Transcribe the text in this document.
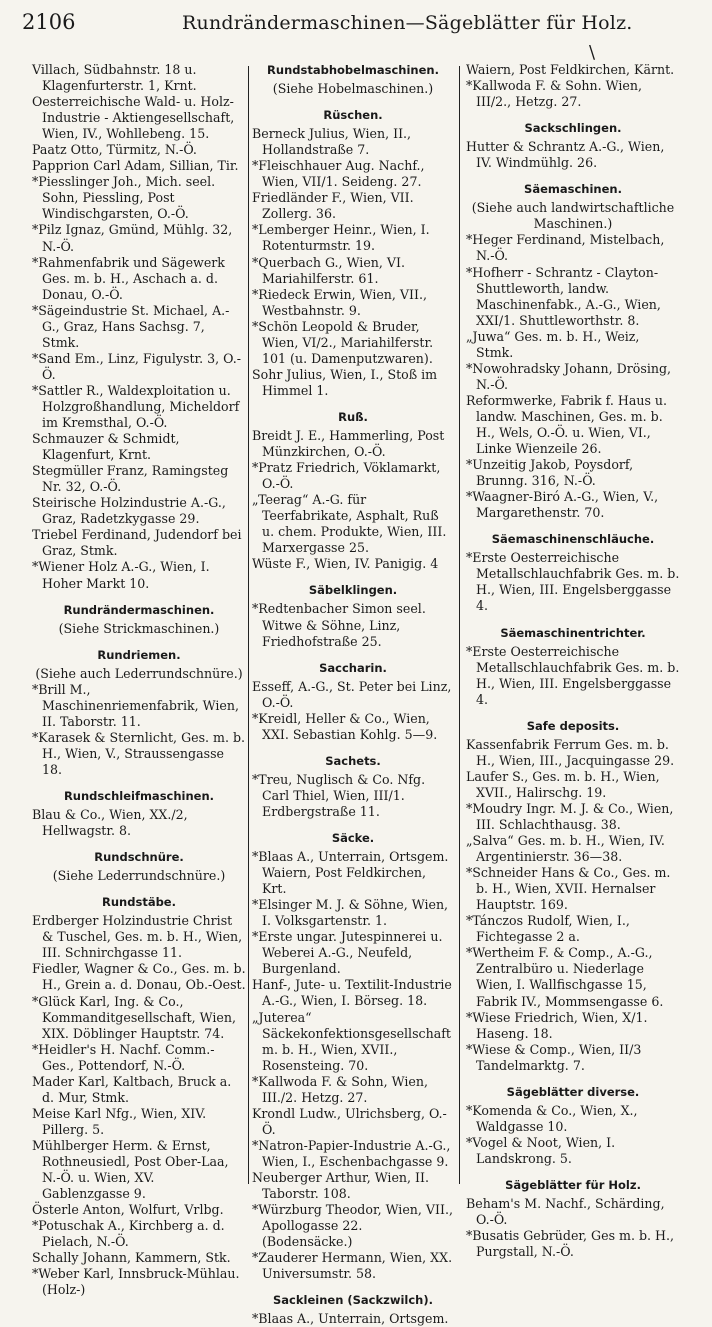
2106	Rundrändermaschinen—Sägeblätter für Holz.
\
Villach, Südbahnstr. 18 u. Klagenfurterstr. 1, Krnt.
Oesterreichische Wald- u. Holz-Industrie - Aktiengesellschaft, Wien, IV., Wohllebeng. 15.
Paatz Otto, Türmitz, N.-Ö.
Papprion Carl Adam, Sillian, Tir.
*Piesslinger Joh., Mich. seel. Sohn, Piessling, Post Windischgarsten, O.-Ö.
*Pilz Ignaz, Gmünd, Mühlg. 32, N.-Ö.
*Rahmenfabrik und Sägewerk Ges. m. b. H., Aschach a. d. Donau, O.-Ö.
*Sägeindustrie St. Michael, A.-G., Graz, Hans Sachsg. 7, Stmk.
*Sand Em., Linz, Figulystr. 3, O.-Ö.
*Sattler R., Waldexploitation u. Holzgroßhandlung, Micheldorf im Kremsthal, O.-Ö.
Schmauzer & Schmidt, Klagenfurt, Krnt.
Stegmüller Franz, Ramingsteg Nr. 32, O.-Ö.
Steirische Holzindustrie A.-G., Graz, Radetzkygasse 29.
Triebel Ferdinand, Judendorf bei Graz, Stmk.
*Wiener Holz A.-G., Wien, I. Hoher Markt 10.
Rundrändermaschinen.
(Siehe Strickmaschinen.)
Rundriemen.
(Siehe auch Lederrundschnüre.)
*Brill M., Maschinenriemenfabrik, Wien, II. Taborstr. 11.
*Karasek & Sternlicht, Ges. m. b. H., Wien, V., Straussengasse 18.
Rundschleifmaschinen.
Blau & Co., Wien, XX./2, Hellwagstr. 8.
Rundschnüre.
(Siehe Lederrundschnüre.)
Rundstäbe.
Erdberger Holzindustrie Christ & Tuschel, Ges. m. b. H., Wien, III. Schnirchgasse 11.
Fiedler, Wagner & Co., Ges. m. b. H., Grein a. d. Donau, Ob.-Oest.
*Glück Karl, Ing. & Co., Kommanditgesellschaft, Wien, XIX. Döblinger Hauptstr. 74.
*Heidler's H. Nachf. Comm.-Ges., Pottendorf, N.-Ö.
Mader Karl, Kaltbach, Bruck a. d. Mur, Stmk.
Meise Karl Nfg., Wien, XIV. Pillerg. 5.
Mühlberger Herm. & Ernst, Rothneusiedl, Post Ober-Laa, N.-Ö. u. Wien, XV. Gablenzgasse 9.
Österle Anton, Wolfurt, Vrlbg.
*Potuschak A., Kirchberg a. d. Pielach, N.-Ö.
Schally Johann, Kammern, Stk.
*Weber Karl, Innsbruck-Mühlau. (Holz-)
Rundstabhobelmaschinen.
(Siehe Hobelmaschinen.)
Rüschen.
Berneck Julius, Wien, II., Hollandstraße 7.
*Fleischhauer Aug. Nachf., Wien, VII/1. Seideng. 27.
Friedländer F., Wien, VII. Zollerg. 36.
*Lemberger Heinr., Wien, I. Rotenturmstr. 19.
*Querbach G., Wien, VI. Mariahilferstr. 61.
*Riedeck Erwin, Wien, VII., Westbahnstr. 9.
*Schön Leopold & Bruder, Wien, VI/2., Mariahilferstr. 101 (u. Damenputzwaren).
Sohr Julius, Wien, I., Stoß im Himmel 1.
Ruß.
Breidt J. E., Hammerling, Post Münzkirchen, O.-Ö.
*Pratz Friedrich, Vöklamarkt, O.-Ö.
„Teerag“ A.-G. für Teerfabrikate, Asphalt, Ruß u. chem. Produkte, Wien, III. Marxergasse 25.
Wüste F., Wien, IV. Panigig. 4
Säbelklingen.
*Redtenbacher Simon seel. Witwe & Söhne, Linz, Friedhofstraße 25.
Saccharin.
Esseff, A.-G., St. Peter bei Linz, O.-Ö.
*Kreidl, Heller & Co., Wien, XXI. Sebastian Kohlg. 5—9.
Sachets.
*Treu, Nuglisch & Co. Nfg. Carl Thiel, Wien, III/1. Erdbergstraße 11.
Säcke.
*Blaas A., Unterrain, Ortsgem. Waiern, Post Feldkirchen, Krt.
*Elsinger M. J. & Söhne, Wien, I. Volksgartenstr. 1.
*Erste ungar. Jutespinnerei u. Weberei A.-G., Neufeld, Burgenland.
Hanf-, Jute- u. Textilit-Industrie A.-G., Wien, I. Börseg. 18.
„Juterea“ Säckekonfektionsgesellschaft m. b. H., Wien, XVII., Rosensteing. 70.
*Kallwoda F. & Sohn, Wien, III./2. Hetzg. 27.
Krondl Ludw., Ulrichsberg, O.-Ö.
*Natron-Papier-Industrie A.-G., Wien, I., Eschenbachgasse 9.
Neuberger Arthur, Wien, II. Taborstr. 108.
*Würzburg Theodor, Wien, VII., Apollogasse 22. (Bodensäcke.)
*Zauderer Hermann, Wien, XX. Universumstr. 58.
Sackleinen (Sackzwilch).
*Blaas A., Unterrain, Ortsgem.
Waiern, Post Feldkirchen, Kärnt.
*Kallwoda F. & Sohn. Wien, III/2., Hetzg. 27.
Sackschlingen.
Hutter & Schrantz A.-G., Wien, IV. Windmühlg. 26.
Säemaschinen.
(Siehe auch landwirtschaftliche Maschinen.)
*Heger Ferdinand, Mistelbach, N.-Ö.
*Hofherr - Schrantz - Clayton-Shuttleworth, landw. Maschinenfabk., A.-G., Wien, XXI/1. Shuttleworthstr. 8.
„Juwa“ Ges. m. b. H., Weiz, Stmk.
*Nowohradsky Johann, Drösing, N.-Ö.
Reformwerke, Fabrik f. Haus u. landw. Maschinen, Ges. m. b. H., Wels, O.-Ö. u. Wien, VI., Linke Wienzeile 26.
*Unzeitig Jakob, Poysdorf, Brunng. 316, N.-Ö.
*Waagner-Biró A.-G., Wien, V., Margarethenstr. 70.
Säemaschinenschläuche.
*Erste Oesterreichische Metallschlauchfabrik Ges. m. b. H., Wien, III. Engelsberggasse 4.
Säemaschinentrichter.
*Erste Oesterreichische Metallschlauchfabrik Ges. m. b. H., Wien, III. Engelsberggasse 4.
Safe deposits.
Kassenfabrik Ferrum Ges. m. b. H., Wien, III., Jacquingasse 29.
Laufer S., Ges. m. b. H., Wien, XVII., Halirschg. 19.
*Moudry Ingr. M. J. & Co., Wien, III. Schlachthausg. 38.
„Salva“ Ges. m. b. H., Wien, IV. Argentinierstr. 36—38.
*Schneider Hans & Co., Ges. m. b. H., Wien, XVII. Hernalser Hauptstr. 169.
*Tánczos Rudolf, Wien, I., Fichtegasse 2 a.
*Wertheim F. & Comp., A.-G., Zentralbüro u. Niederlage Wien, I. Wallfischgasse 15, Fabrik IV., Mommsengasse 6.
*Wiese Friedrich, Wien, X/1. Haseng. 18.
*Wiese & Comp., Wien, II/3 Tandelmarktg. 7.
Sägeblätter diverse.
*Komenda & Co., Wien, X., Waldgasse 10.
*Vogel & Noot, Wien, I. Landskrong. 5.
Sägeblätter für Holz.
Beham's M. Nachf., Schärding, O.-Ö.
*Busatis Gebrüder, Ges m. b. H., Purgstall, N.-Ö.
